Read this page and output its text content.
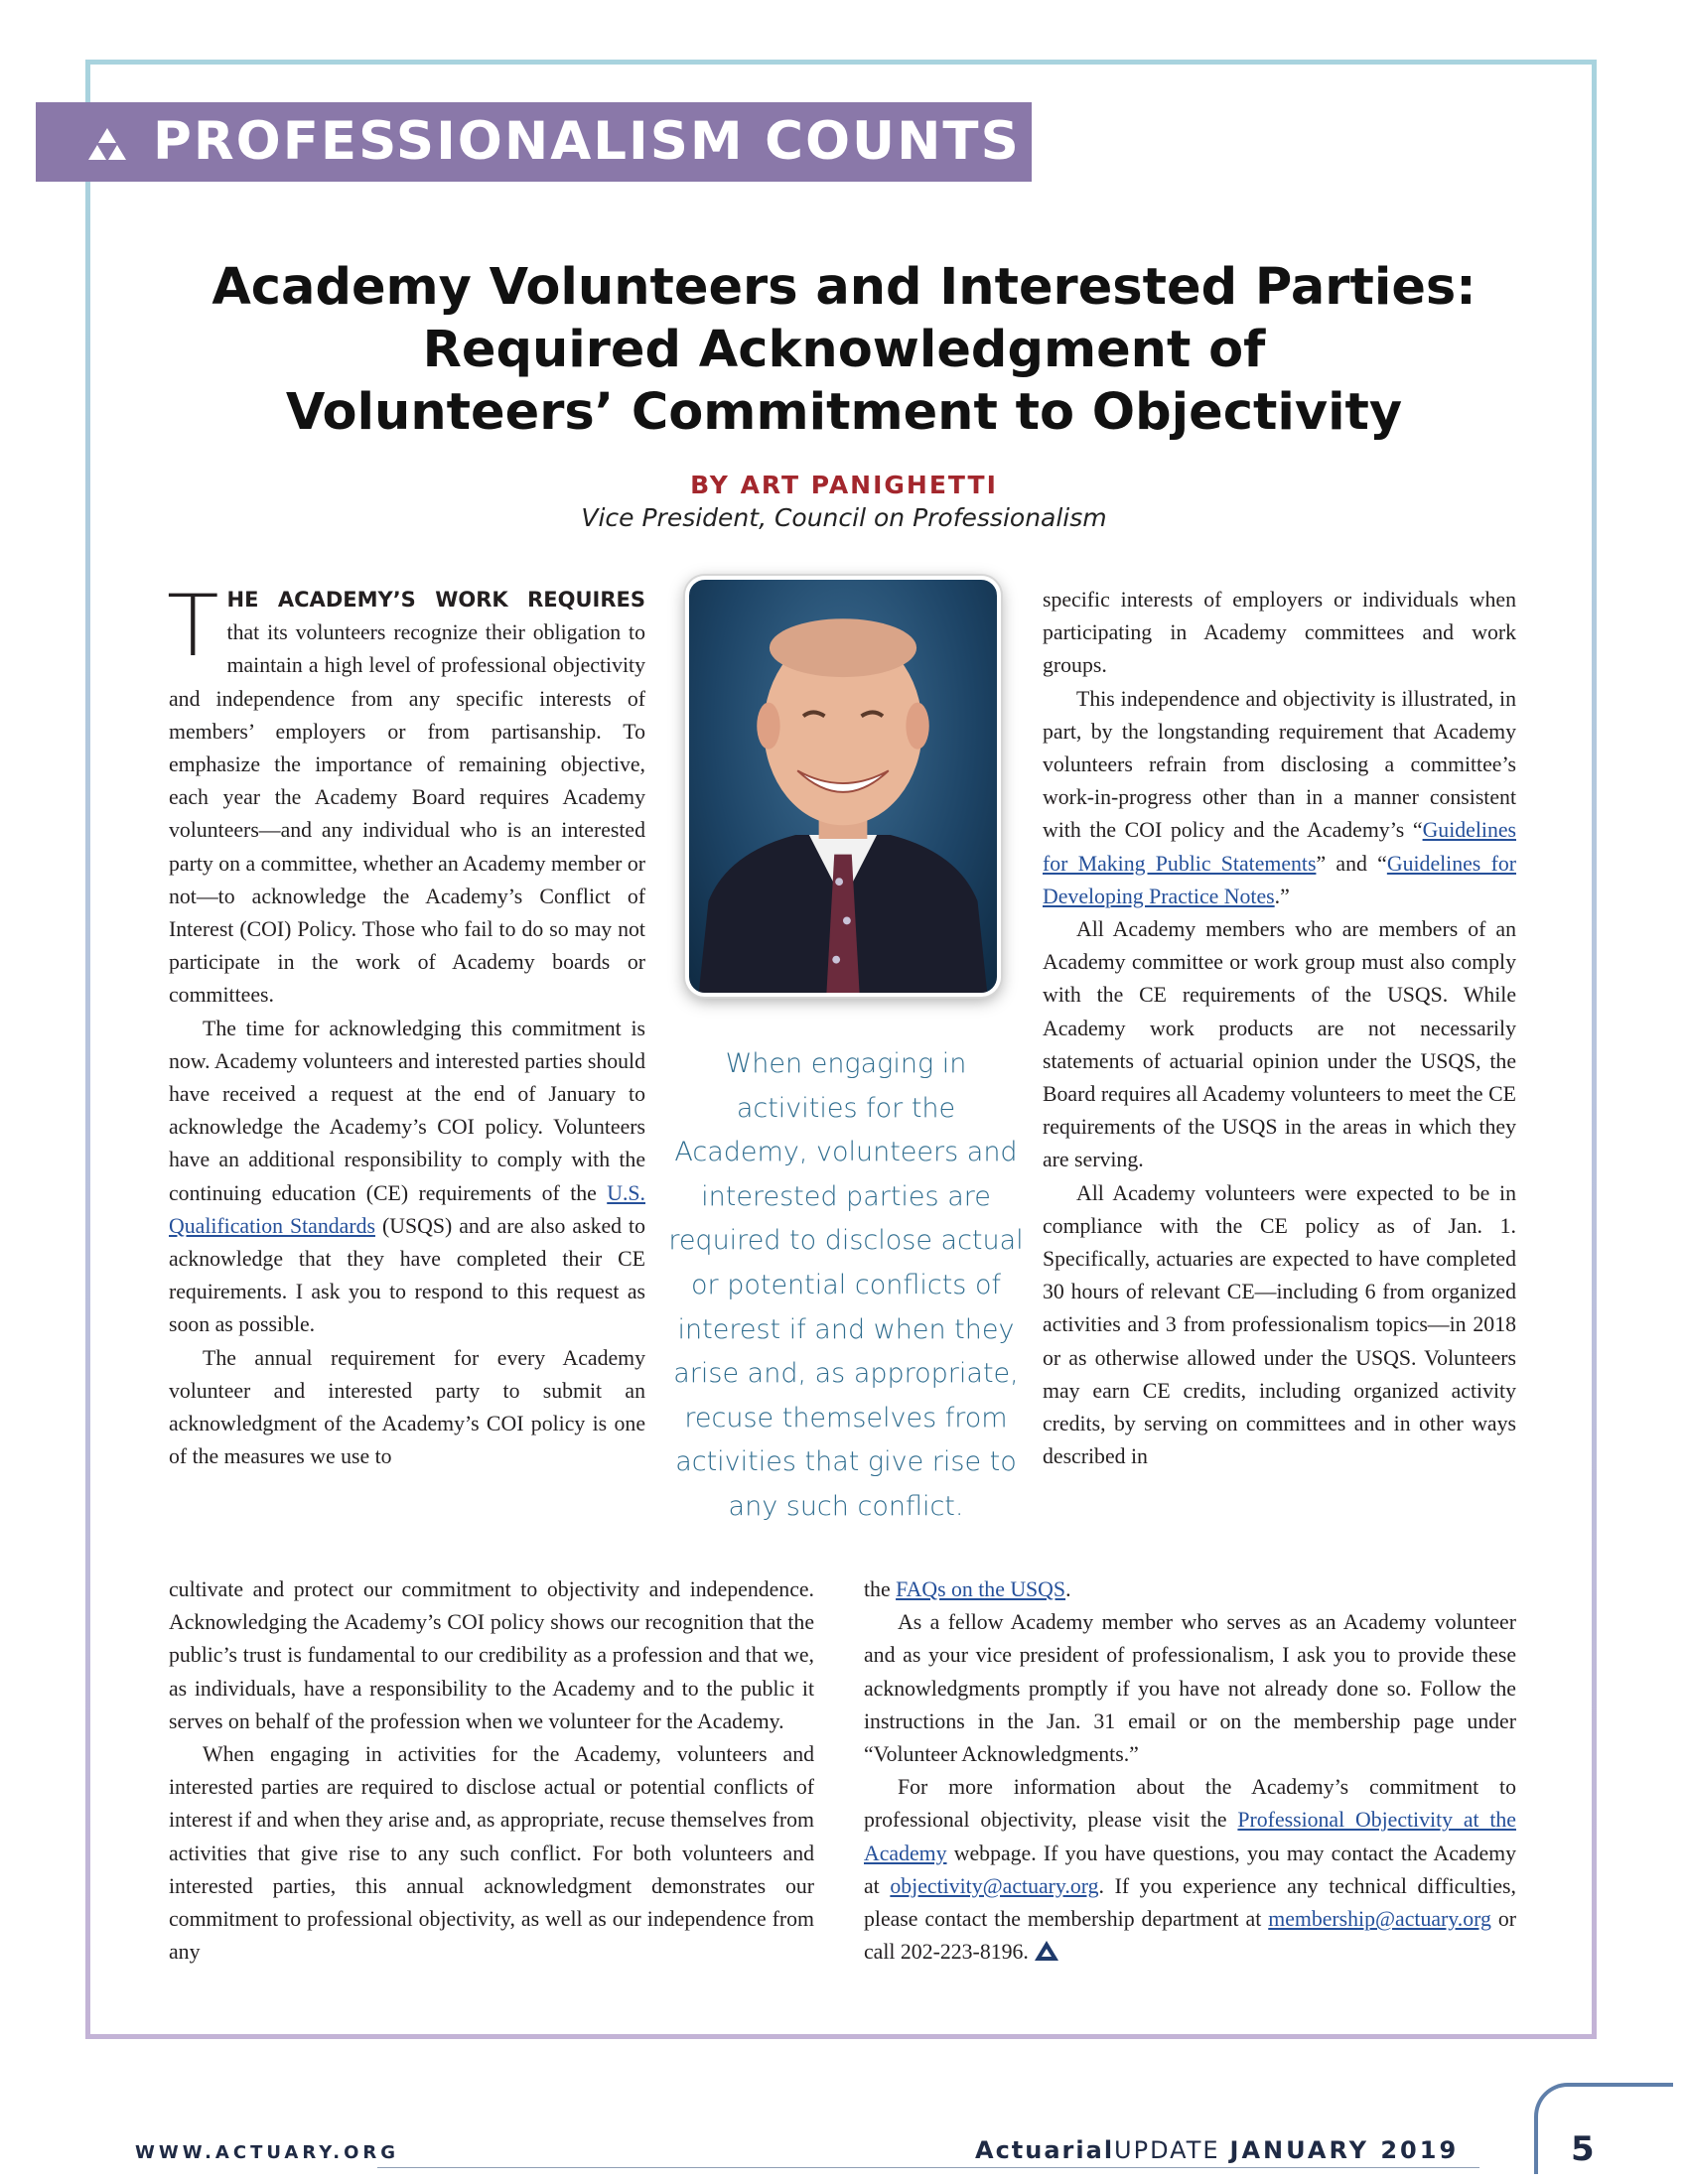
PROFESSIONALISM COUNTS
Academy Volunteers and Interested Parties:
Required Acknowledgment of
Volunteers’ Commitment to Objectivity
BY ART PANIGHETTI
Vice President, Council on Professionalism
When engaging in activities for the Academy, volunteers and interested parties are required to disclose actual or potential conflicts of interest if and when they arise and, as appropriate, recuse themselves from activities that give rise to any such conflict.

THE ACADEMY’S WORK REQUIRES that its volunteers recognize their obligation to maintain a high level of professional objectivity and independence from any specific interests of members’ employers or from partisanship. To emphasize the importance of remaining objective, each year the Academy Board requires Academy volunteers—and any individual who is an interested party on a committee, whether an Academy member or not—to acknowledge the Academy’s Conflict of Interest (COI) Policy. Those who fail to do so may not participate in the work of Academy boards or committees.

The time for acknowledging this commitment is now. Academy volunteers and interested parties should have received a request at the end of January to acknowledge the Academy’s COI policy. Volunteers have an additional responsibility to comply with the continuing education (CE) requirements of the U.S. Qualification Standards (USQS) and are also asked to acknowledge that they have completed their CE requirements. I ask you to respond to this request as soon as possible.

The annual requirement for every Academy volunteer and interested party to submit an acknowledgment of the Academy’s COI policy is one of the measures we use to

specific interests of employers or individuals when participating in Academy committees and work groups.

This independence and objectivity is illustrated, in part, by the longstanding requirement that Academy volunteers refrain from disclosing a committee’s work-in-progress other than in a manner consistent with the COI policy and the Academy’s “Guidelines for Making Public Statements” and “Guidelines for Developing Practice Notes.”

All Academy members who are members of an Academy committee or work group must also comply with the CE requirements of the USQS. While Academy work products are not necessarily statements of actuarial opinion under the USQS, the Board requires all Academy volunteers to meet the CE requirements of the USQS in the areas in which they are serving.

All Academy volunteers were expected to be in compliance with the CE policy as of Jan. 1. Specifically, actuaries are expected to have completed 30 hours of relevant CE—including 6 from organized activities and 3 from professionalism topics—in 2018 or as otherwise allowed under the USQS. Volunteers may earn CE credits, including organized activity credits, by serving on committees and in other ways described in

cultivate and protect our commitment to objectivity and independence. Acknowledging the Academy’s COI policy shows our recognition that the public’s trust is fundamental to our credibility as a profession and that we, as individuals, have a responsibility to the Academy and to the public it serves on behalf of the profession when we volunteer for the Academy.

When engaging in activities for the Academy, volunteers and interested parties are required to disclose actual or potential conflicts of interest if and when they arise and, as appropriate, recuse themselves from activities that give rise to any such conflict. For both volunteers and interested parties, this annual acknowledgment demonstrates our commitment to professional objectivity, as well as our independence from any

the FAQs on the USQS.

As a fellow Academy member who serves as an Academy volunteer and as your vice president of professionalism, I ask you to provide these acknowledgments promptly if you have not already done so. Follow the instructions in the Jan. 31 email or on the membership page under “Volunteer Acknowledgments.”

For more information about the Academy’s commitment to professional objectivity, please visit the Professional Objectivity at the Academy webpage. If you have questions, you may contact the Academy at objectivity@actuary.org. If you experience any technical difficulties, please contact the membership department at membership@actuary.org or call 202-223-8196.

WWW.ACTUARY.ORG	ActuarialUPDATE JANUARY 2019	5
